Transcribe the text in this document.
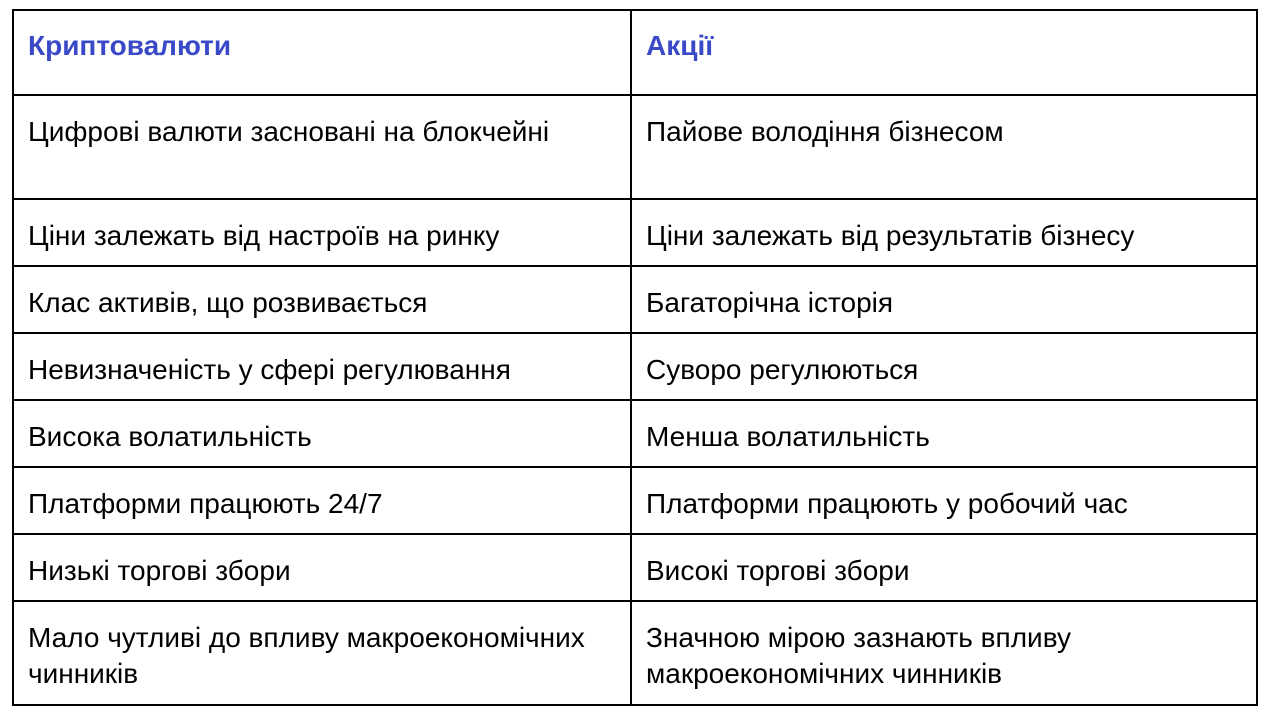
Криптовалюти	Акції
Цифрові валюти засновані на блокчейні	Пайове володіння бізнесом
Ціни залежать від настроїв на ринку	Ціни залежать від результатів бізнесу
Клас активів, що розвивається	Багаторічна історія
Невизначеність у сфері регулювання	Суворо регулюються
Висока волатильність	Менша волатильність
Платформи працюють 24/7	Платформи працюють у робочий час
Низькі торгові збори	Високі торгові збори
Мало чутливі до впливу макроекономічних чинників	Значною мірою зазнають впливу макроекономічних чинників
